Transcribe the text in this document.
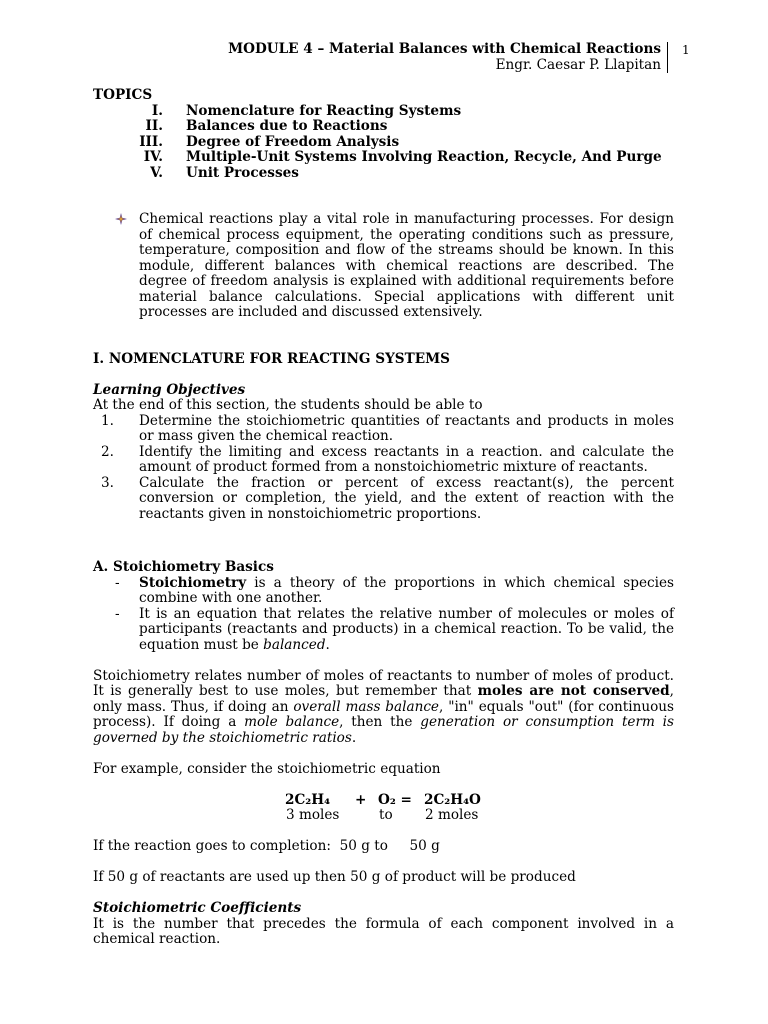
MODULE 4 – Material Balances with Chemical Reactions
Engr. Caesar P. Llapitan
1
TOPICS
I. Nomenclature for Reacting Systems
II. Balances due to Reactions
III. Degree of Freedom Analysis
IV. Multiple-Unit Systems Involving Reaction, Recycle, And Purge
V. Unit Processes
Chemical reactions play a vital role in manufacturing processes. For design of chemical process equipment, the operating conditions such as pressure, temperature, composition and flow of the streams should be known. In this module, different balances with chemical reactions are described. The degree of freedom analysis is explained with additional requirements before material balance calculations. Special applications with different unit processes are included and discussed extensively.
I. NOMENCLATURE FOR REACTING SYSTEMS
Learning Objectives
At the end of this section, the students should be able to
1. Determine the stoichiometric quantities of reactants and products in moles or mass given the chemical reaction.
2. Identify the limiting and excess reactants in a reaction. and calculate the amount of product formed from a nonstoichiometric mixture of reactants.
3. Calculate the fraction or percent of excess reactant(s), the percent conversion or completion, the yield, and the extent of reaction with the reactants given in nonstoichiometric proportions.
A. Stoichiometry Basics
- Stoichiometry is a theory of the proportions in which chemical species combine with one another.
- It is an equation that relates the relative number of molecules or moles of participants (reactants and products) in a chemical reaction. To be valid, the equation must be balanced.
Stoichiometry relates number of moles of reactants to number of moles of product. It is generally best to use moles, but remember that moles are not conserved, only mass. Thus, if doing an overall mass balance, "in" equals "out" (for continuous process). If doing a mole balance, then the generation or consumption term is governed by the stoichiometric ratios.
For example, consider the stoichiometric equation
2C₂H₄ + O₂ = 2C₂H₄O
3 moles	to 2 moles
If the reaction goes to completion:  50 g to     50 g
If 50 g of reactants are used up then 50 g of product will be produced
Stoichiometric Coefficients
It is the number that precedes the formula of each component involved in a chemical reaction.
